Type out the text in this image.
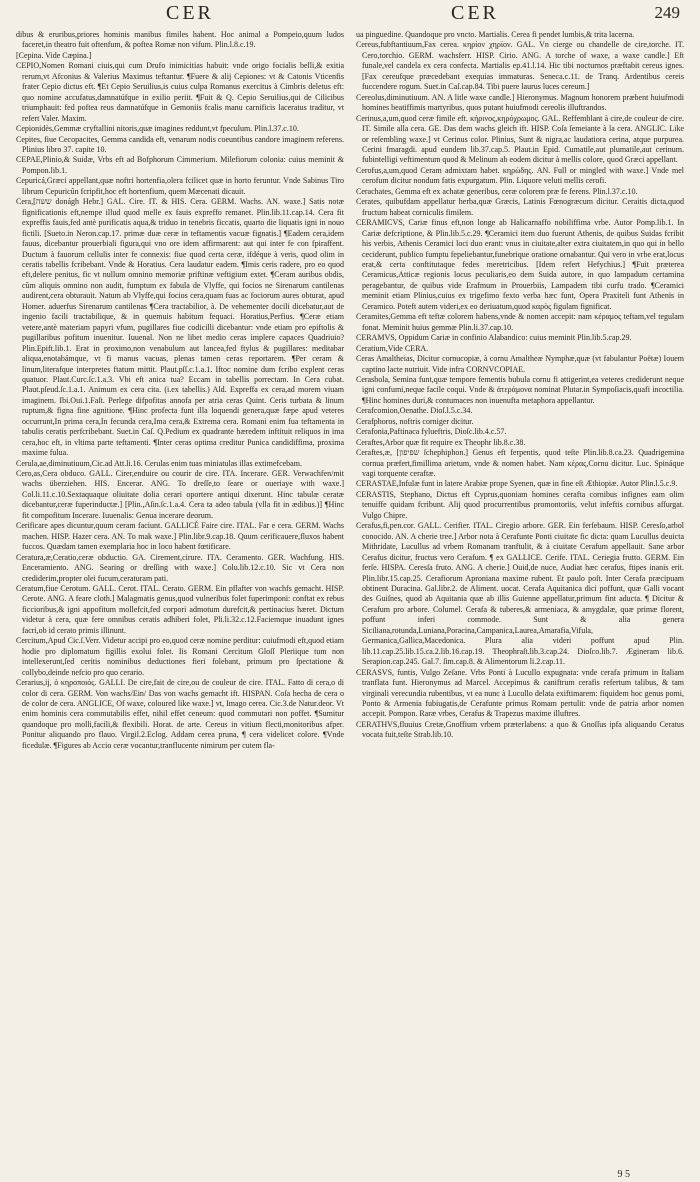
CER	CER	249

dibus & eruribus,priores hominis manibus fimiles habent. Hoc animal a Pompeio,quum ludos faceret,in theatro fuit oftenfum, & poftea Romæ non vifum. Plin.l.8.c.19.

[Cepina. Vide Cæpina.]

CEPIO,Nomen Romani ciuis,qui cum Drufo inimicitias habuit: vnde origo focialis belli,& exitia rerum,vt Afconius & Valerius Maximus teftantur. ¶Fuere & alij Cepiones: vt & Catonis Vticenfis frater Cepio dictus eft. ¶Et Cepio Seruilius,is cuius culpa Romanus exercitus à Cimbris deletus eft: quo nomine accufatus,damnatúfque in exilio periit. ¶Fuit & Q. Cepio Seruilius,qui de Cilicibus triumphauit: fed poftea reus damnatúfque in Gemoniis fcalis manu carnificis laceratus traditur, vt refert Valer. Maxim.

Cepionidès,Gemmæ cryftallini nitoris,quæ imagines reddunt,vt fpeculum. Plin.l.37.c.10.

Cepites, fiue Cecopacites, Gemma candida eft, venarum nodis coeuntibus candore imaginem referens. Plinius libro 37. capite 10.

CEPAE,Plinio,& Suidæ, Vrbs eft ad Bofphorum Cimmerium. Milefiorum colonia: cuius meminit & Pompon.lib.1.

Cepuricá,Græci appellant,quæ noftri hortenfia,olera fcilicet quæ in horto feruntur. Vnde Sabinus Tiro librum Cepuricûn fcripfit,hoc eft hortenfium, quem Mæcenati dicauit.

Cera,[ששה donágh Hebr.] GAL. Cire. IT. & HIS. Cera. GERM. Wachs. AN. waxe.] Satis notæ fignificationis eft,nempe illud quod melle ex fauis expreffo remanet. Plin.lib.11.cap.14. Cera fit expreffis fauis,fed antè purificatis aqua,& triduo in tenebris ficcatis, quarto die liquatis igni in nouo fictili. [Sueto.in Neron.cap.17. primæ duæ ceræ in teftamentis vacuæ fignatis.] ¶Eadem cera,idem fauus, dicebantur prouerbiali figura,qui vno ore idem affirmarent: aut qui inter fe con fpiraffent. Ductum à fauorum cellulis inter fe connexis: fiue quod certa ceræ, ifdéque à veris, quod olim in ceratis tabellis fcribebant. Vnde & Horatius. Cera laudatur eadem. ¶Imis ceris radere, pro eo quod eft,delere penitus, fic vt nullum omnino memoriæ priftinæ veftigium extet. ¶Ceram auribus obdis, cũm aliquis omnino non audit, fumptum ex fabula de Vlyffe, qui focios ne Sirenarum cantilenas audirent,cera obturauit. Natum ab Vlyffe,qui focios cera,quam fuas ac fociorum aures obturat, apud Homer. aduerfus Sirenarum cantilenas ¶Cera tractabilior, à. De vehementer docili dicebatur,aut de ingenio facili tractabilique, & in quemuis habitum fequaci. Horatius,Perfius. ¶Ceræ etiam vetere,antè materiam papyri vfum, pugillares fiue codicilli dicebantur: vnde etiam pro epiftolis & pugillaribus pofitum inuenitur. Iuuenal. Non ne libet medio ceras implere capaces Quadriuio? Plin.Epift.lib.1. Erat in proximo,non venabulum aut lancea,fed ftylus & pugillares: meditabar aliqua,enotabámque, vt fi manus vacuas, plenas tamen ceras reportarem. ¶Per ceram & linum,literafque interpretes ftatum mittit. Plaut.pſſ.c.1.a.1. Iftoc nomine dum fcribo explent ceras quatuor. Plaut.Curc.ſc.1.a.3. Vbi eft anica tua? Eccam in tabellis porrectam. In Cera cubat. Plaut.pſeud.ſc.1.a.1. Animum ex cera cita. (i.ex tabellis.) Ald. Expreffa ex cera,ad morem viuam imaginem. Ibi.Oui.1.Faſt. Perlege difpofitas annofa per atria ceras Quint. Ceris turbata & linum ruptum,& figna fine agnitione. ¶Hinc profecta funt illa loquendi genera,quæ fæpe apud veteres occurrunt,In prima cera,In fecunda cera,Ima cera,& Extrema cera. Romani enim fua teftamenta in tabulis ceratis perfcribebant. Suet.in Caſ. Q.Pedium ex quadrante hæredem inftituit reliquos in ima cera,hoc eft, in vltima parte teftamenti. ¶Inter ceras optima creditur Punica candidiffima, proxima maxime fulua.

Cerula,ae,diminutiuum,Cic.ad Att.li.16. Cerulas enim tuas miniatulas illas extimefcebam.

Cero,as,Cera obduco. GALL. Cirer,enduire ou courir de cire. ITA. Incerare. GER. Verwachfen/mit wachs überziehen. HIS. Encerar. ANG. To dreſſe,to ſeare or oueriaye with waxe.] Col.li.11.c.10.Sextaquaque oliuitate dolia cerari oportere antiqui dixerunt. Hinc tabulæ ceratæ dicebantur,ceræ fuperinductæ.] [Plin.,Aſin.ſc.1.a.4. Cera ta adeo tabula (vlla fit in ædibus.)] ¶Hinc fit compofitum Incerare. Iuuenalis: Genua incerare deorum.

Cerificare apes dicuntur,quum ceram faciunt. GALLICÉ Faire cire. ITAL. Far e cera. GERM. Wachs machen. HISP. Hazer cera. AN. To mak waxe.] Plin.libr.9.cap.18. Quum cerificauere,fluxos habent fuccos. Quædam tamen exemplaria hoc in loco habent fœtificare.

Ceratura,æ,Ceratio,ceræ obductio. GA. Cirement,cirure. ITA. Ceramento. GER. Wachfung. HIS. Enceramiento. ANG. Searing or dreſſing with waxe.] Colu.lib.12.c.10. Sic vt Cera non crediderim,propter olei fucum,ceraturam pati.

Ceratum,fiue Cerotum. GALL. Cerot. ITAL. Cerato. GERM. Ein pflafter von wachfs gemacht. HISP. Cerote. ANG. A feare cloth.] Malagmatis genus,quod vulneribus folet fuperimponi: conftat ex rebus ficcioribus,& igni appofitum mollefcit,fed corpori admotum durefcit,& pertinacius hæret. Dictum videtur à cera, quæ fere omnibus ceratis adhiberi folet, Pli.li.32.c.12.Faciemque inuadunt ignes facri,ob id cerato primis illinunt.

Cercitum,Apud Cic.ſ.Verr. Videtur accipi pro eo,quod ceræ nomine perditur: cuiufmodi eft,quod etiam hodie pro diplomatum figillis exolui folet. Iis Romani Cercitum Gloſſ Pleriique tum non intellexerunt,ſed ceritis nominibus deductiones fieri folebant, primum pro ſpectatione & collybo,deinde nefcio pro quo cerario.

Cerarius,ij, ὁ κηροποιός. GALLI. De cire,fait de cire,ou de couleur de cire. ITAL. Fatto di cera,o di color di cera. GERM. Von wachs/Ein/ Das von wachs gemacht ift. HISPAN. Coſa hecha de cera o de color de cera. ANGLICE, Of waxe, coloured like waxe.] vt, Imago cerea. Cic.3.de Natur.deor. Vt enim hominis cera commutabilis effet, nihil effet ceneum: quod commutari non poffet. ¶Sumitur quandoque pro molli,facili,& flexibili. Horat. de arte. Cereus in vitium flecti,monitoribus afper. Ponitur aliquando pro flauo. Virgil.2.Eclog. Addam cerea pruna, ¶ cera videlicet colore. ¶Vnde ficedulæ. ¶Figures ab Accio ceræ vocantur,tranflucente nimirum per cutem fla-

ua pinguedine. Quandoque pro vncto. Martialis. Cerea fi pendet lumbis,& trita lacerna.

Cereus,fubftantiuum,Fax cerea. κηρίον χηρίον. GAL. Vn cierge ou chandelle de cire,torche. IT. Cero,torchio. GERM. wachsferr. HISP. Cirio. ANG. A torche of waxe, a waxe candle.] Eft funale,vel candela ex cera confecta. Martialis ep.41.l.14. Hic tibi nocturnos præftabit cereus ignes. [Fax cereufque præcedebant exequias immaturas. Seneca.c.11. de Tranq. Ardentibus cereis fuccendere rogum. Suet.in Caſ.cap.84. Tibi puere laurus luces cereum.]

Cereolus,diminutiuum. AN. A litle waxe candle.] Hieronymus. Magnum honorem præbent huiufmodi homines beatiffimis martyribus, quos putant huiufmodi cereolis illuftrandos.

Cerinus,a,um,quod ceræ fimile eft. κήρινος,κηρόχρωμος. GAL. Reffemblant à cire,de couleur de cire. IT. Simile alla cera. GE. Das dem wachs gleich ift. HISP. Coſa ſemeiante à la cera. ANGLIC. Like or reſembling waxe.] vt Cerinus color. Plinius, Sunt & nigra,ac laudatiora cerina, atque purpurea. Cerini fmaragdi. apud eundem lib.37.cap.5. Plaut.in Epid. Cumatile,aut plumatile,aut cerinum. fubintelligi veftimentum quod & Melinum ab eodem dicitur à mellis colore, quod Græci appellant.

Cerofus,a,um,quod Ceram admixtam habet. κηρώδης. AN. Full or mingled with waxe.] Vnde mel cerofum dicitur nondum fatis expurgatum. Plin. Liquore veluti mellis cerofi.

Cerachates, Gemma eft ex achatæ generibus, ceræ colorem præ fe ferens. Plin.l.37.c.10.

Cerates, quibufdam appellatur herba,quæ Græcis, Latinis Fœnogræcum dicitur. Ceraitis dicta,quod fructum habeat corniculis fimilem.

CERAMICVS, Cariæ finus eft,non longe ab Halicarnaffo nobiliffima vrbe. Autor Pomp.lib.1. In Cariæ defcriptione, & Plin.lib.5.c.29. ¶Ceramici item duo fuerunt Athenis, de quibus Suidas fcribit his verbis, Athenis Ceramici loci duo erant: vnus in ciuitate,alter extra ciuitatem,in quo qui in bello ceciderunt, publico fumptu fepeliebantur,funebrique oratione ornabantur. Qui vero in vrbe erat,locus erat,& certa conftitutaque fedes meretricibus. [Idem refert Hefychius.] ¶Fuit præterea Ceramicus,Atticæ regionis locus peculiaris,eo dem Suida autore, in quo lampadum certamina peragebantur, de quibus vide Erafmum in Prouerbiis, Lampadem tibi curfu trado. ¶Ceramici meminit etiam Plinius,cuius ex trigefimo fexto verba hæc funt, Opera Praxiteli funt Athenis in Ceramico. Poteft autem videri,ex eo deriuatum,quod καρὸς figulam fignificat.

Ceramites,Gemma eft teftæ colorem habens,vnde & nomen accepit: nam κέραμος teftam,vel tegulam fonat. Meminit huius gemmæ Plin.li.37.cap.10.

CERAMVS, Oppidum Cariæ in confinio Alabandico: cuius meminit Plin.lib.5.cap.29.

Ceratium,Vide CERA.

Ceras Amaltheias, Dicitur cornucopiæ, à cornu Amaltheæ Nymphæ,quæ (vt fabulantur Poëtæ) Iouem captino lacte nutriuit. Vide infra CORNVCOPIAE.

Cerasbola, Semina funt,quæ tempore fementis bubula cornu fi attigerint,ea veteres crediderunt neque igni confumi,neque facile coqui. Vnde & ἀτεράμονα nominat Plutar.in Sympoſiacis,quafi incoctilia. ¶Hinc homines duri,& contumaces non inuenufta metaphora appellantur.

Cerafcomion,Oenathe. Dioſ.l.5.c.34.

Cerafphoros, noftris corniger dicitur.

Cerafonia,Paftinaca fylueftris, Dioſc.lib.4.c.57.

Ceraftes,Arbor quæ fit require ex Theophr lib.8.c.38.

Ceraftes,æ, [שפיפון ſchephiphon.] Genus eft ferpentis, quod teſte Plin.lib.8.ca.23. Quadrigemina cornua præfert,fimillima arietum, vnde & nomen habet. Nam κέρας,Cornu dicitur. Luc. Spináque vagi torquente ceraftæ.

CERASTAE,Infulæ funt in latere Arabiæ prope Syenen, quæ in fine eſt Æthiopiæ. Autor Plin.l.5.c.9.

CERASTIS, Stephano, Dictus eft Cyprus,quoniam homines cerafta cornibus infignes eam olim tenuiffe quidam fcribunt. Alij quod procurrentibus promontoriis, velut infeftis cornibus afſurgat. Vulgo Chipre.

Cerafus,fi,pen.cor. GALL. Cerifier. ITAL. Ciregio arbore. GER. Ein ferſebaum. HISP. Ceresſo,arbol conocido. AN. A cherie tree.] Arbor nota à Cerafunte Ponti ciuitate fic dicta: quam Lucullus deuicta Mithridate, Lucullus ad vrbem Romanam tranftulit, & à ciuitate Cerafum appellauit. Sane arbor Cerafus dicitur, fructus vero Cerafum. ¶ ex GALLICE. Cerife. ITAL. Ceriegia frutto. GERM. Ein ferſe. HISPA. Ceresſa fruto. ANG. A cherie.] Ouid,de nuce, Audiat hæc cerafus, ftipes inanis erit. Plin.libr.15.cap.25. Cerafiorum Aproniana maxime rubent. Et paulo poſt. Inter Cerafa præcipuam obtinent Duracina. Gal.libr.2. de Aliment. uocat. Cerafa Aquitanica dici poffunt, quæ Galli vocant des Guiſnes, quod ab Aquitania quæ ab illis Guienne appellatur,primum fint aducta. ¶ Dicitur & Cerafum pro arbore. Columel. Cerafa & tuberes,& armeniaca, & amygdalæ, quæ primæ florent, poffunt inferi commode. Sunt & alia genera Siciliana,rotunda,Luniana,Poracina,Campanica,Laurea,Amarafia,Vifula, Germanica,Gallica,Macedonica. Plura alia videri poffunt apud Plin. lib.11.cap.25.lib.15.ca.2.lib.16.cap.19. Theophraſt.lib.3.cap.24. Dioſco.lib.7. Ægineram lib.6. Serapion.cap.245. Gal.7. ſim.cap.8. & Alimentorum li.2.cap.11.

CERASVS, funtis, Vulgo Zeſane. Vrbs Ponti à Lucullo expugnata: vnde cerafa primum in Italiam tranflata funt. Hieronymus ad Marcel. Accepimus & caniftrum cerafis refertum talibus, & tam virginali verecundia rubentibus, vt ea nunc à Lucullo delata exiftimarem: fiquidem hoc genus pomi, Ponto & Armenia fubiugatis,de Cerafunte primus Romam pertulit: vnde de patria arbor nomen accepit. Pompon. Raræ vrbes, Cerafus & Trapezus maxime illuftres.

CERATHVS,fluuius Cretæ,Gnoffium vrbem præterlabens: a quo & Gnoſſus ipfa aliquando Ceratus vocata fuit,teſte Strab.lib.10.

9 5
